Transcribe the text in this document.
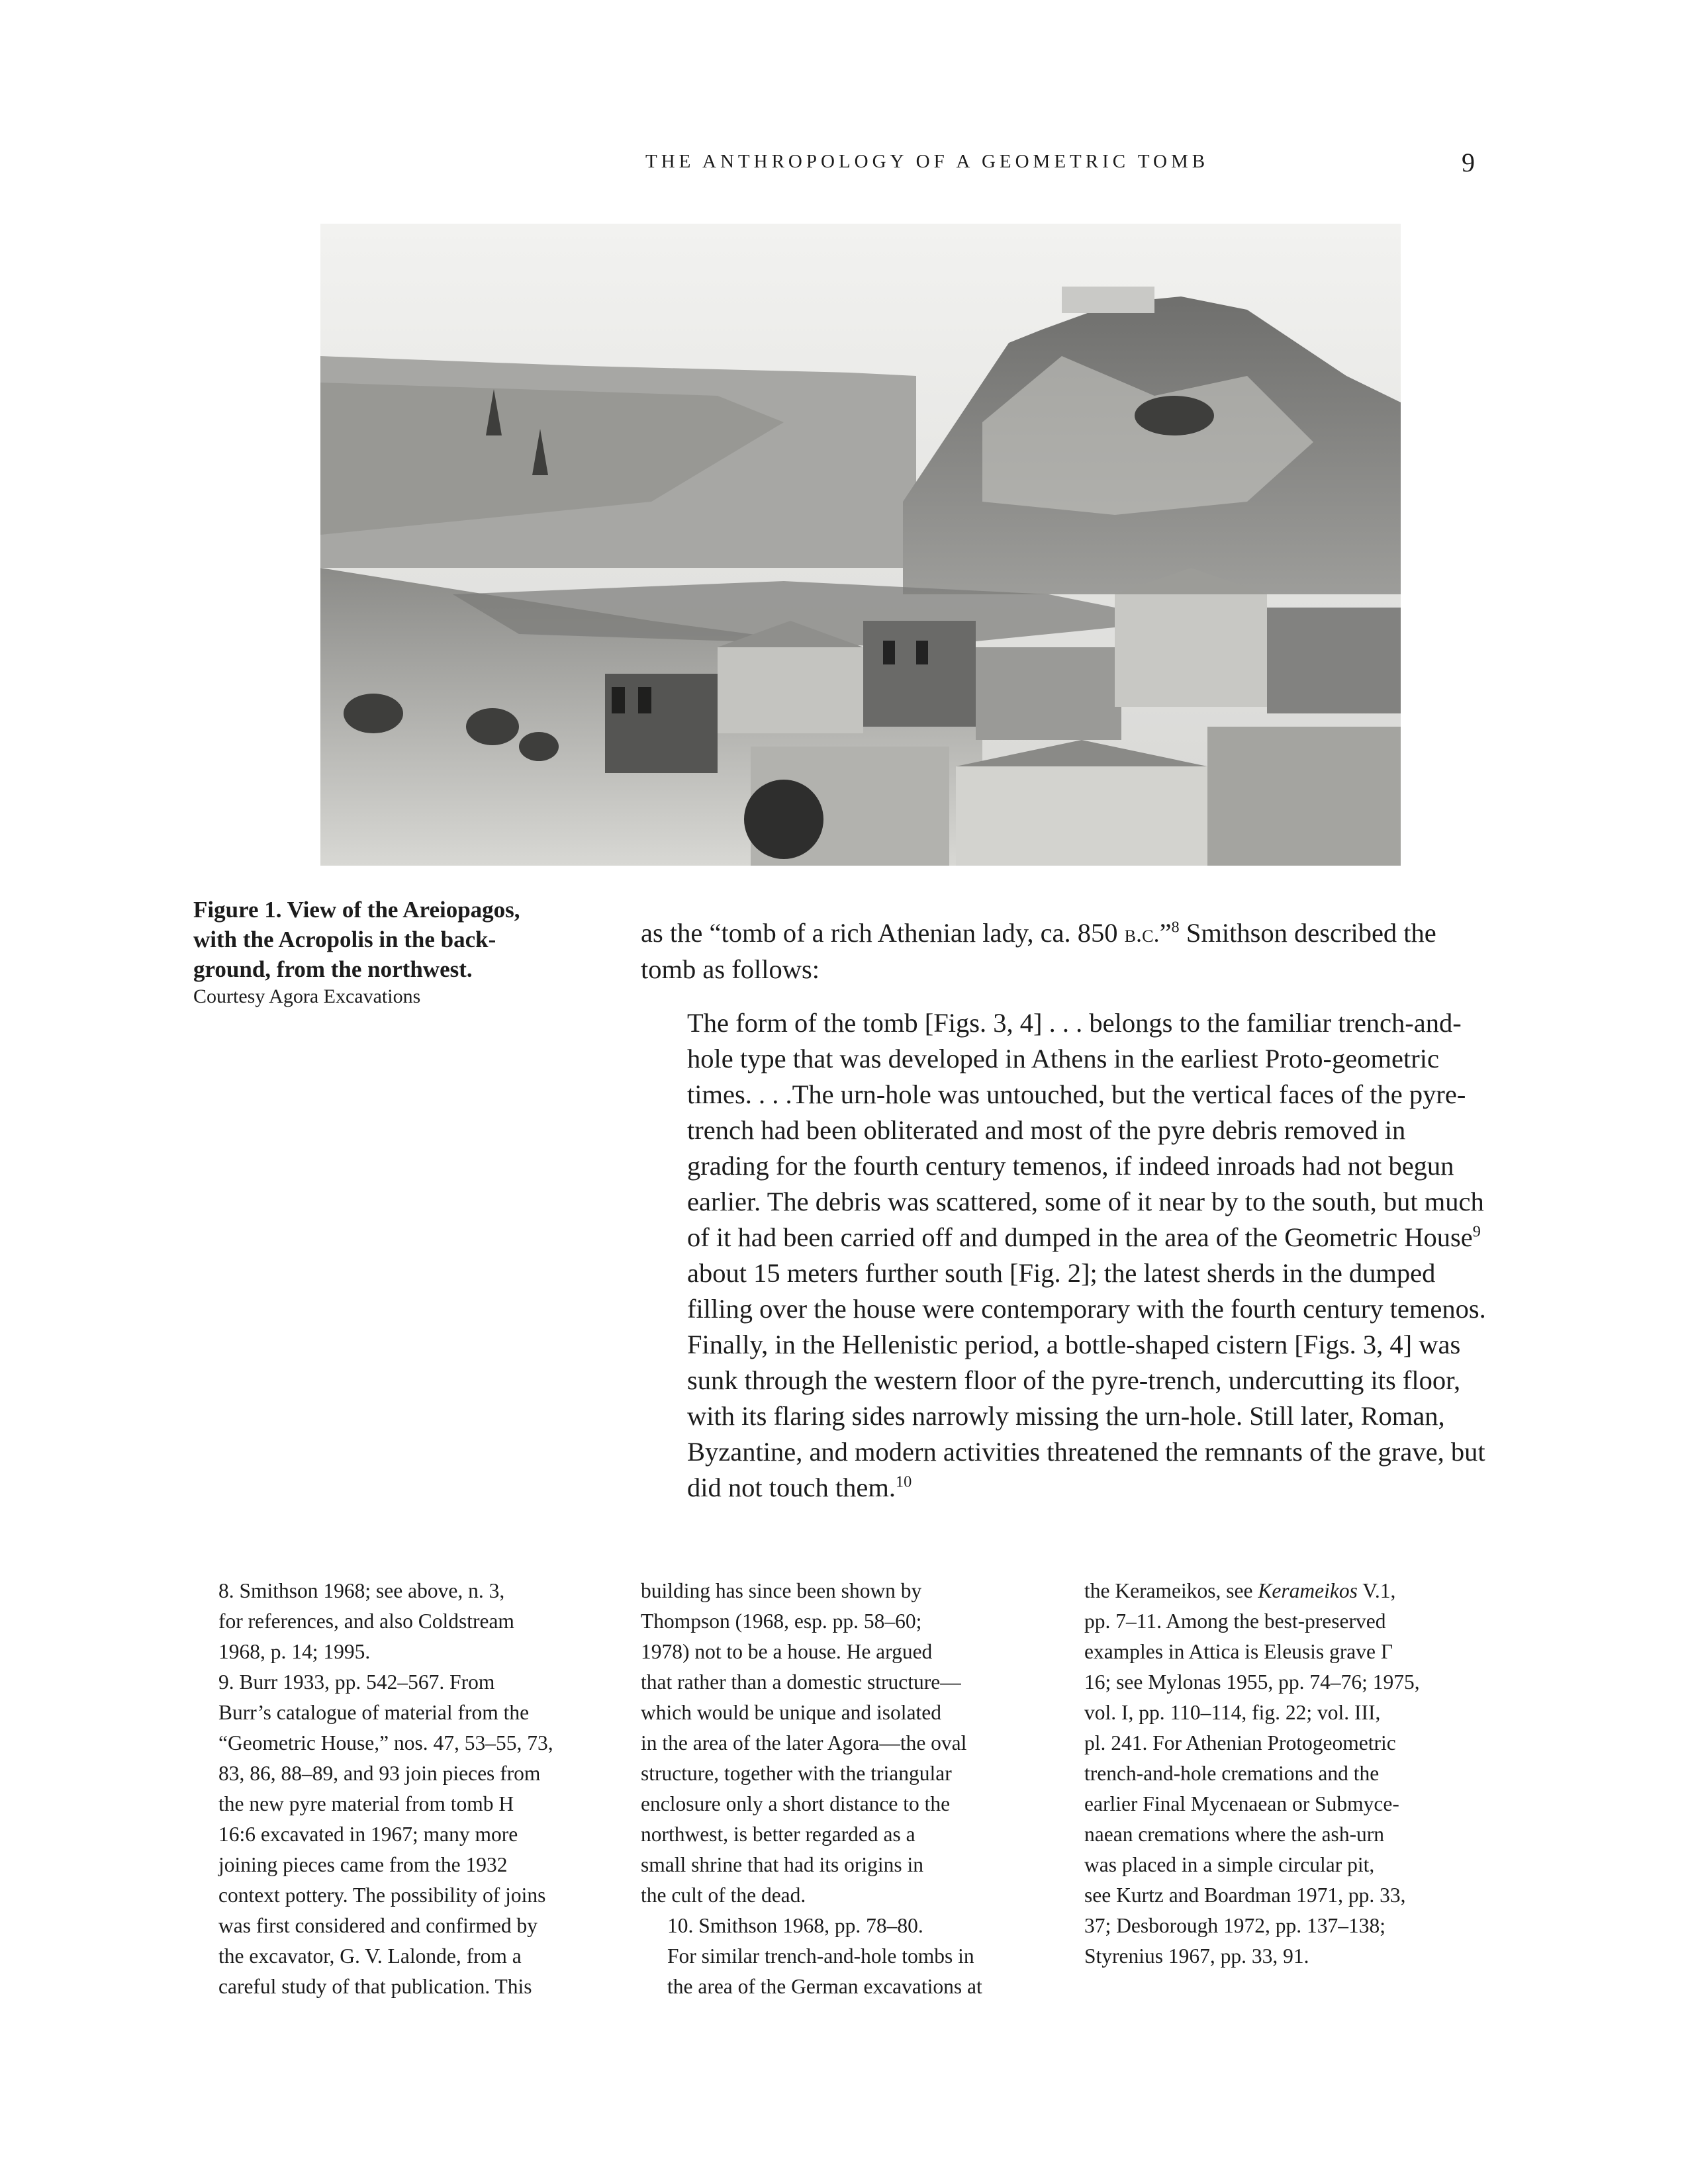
THE ANTHROPOLOGY OF A GEOMETRIC TOMB	9
Figure 1. View of the Areiopagos,
with the Acropolis in the back-
ground, from the northwest.
Courtesy Agora Excavations

as the “tomb of a rich Athenian lady, ca. 850 b.c.”$^8$ Smithson described the tomb as follows:

The form of the tomb [Figs. 3, 4] . . . belongs to the familiar trench-and-hole type that was developed in Athens in the earliest Proto-geometric times. . . .The urn-hole was untouched, but the vertical faces of the pyre-trench had been obliterated and most of the pyre debris removed in grading for the fourth century temenos, if indeed inroads had not begun earlier. The debris was scattered, some of it near by to the south, but much of it had been carried off and dumped in the area of the Geometric House$^9$ about 15 meters further south [Fig. 2]; the latest sherds in the dumped filling over the house were contemporary with the fourth century temenos. Finally, in the Hellenistic period, a bottle-shaped cistern [Figs. 3, 4] was sunk through the western floor of the pyre-trench, undercutting its floor, with its flaring sides narrowly missing the urn-hole. Still later, Roman, Byzantine, and modern activities threatened the remnants of the grave, but did not touch them.$^{10}$

8. Smithson 1968; see above, n. 3,
for references, and also Coldstream
1968, p. 14; 1995.

9. Burr 1933, pp. 542–567. From
Burr’s catalogue of material from the
“Geometric House,” nos. 47, 53–55, 73,
83, 86, 88–89, and 93 join pieces from
the new pyre material from tomb H
16:6 excavated in 1967; many more
joining pieces came from the 1932
context pottery. The possibility of joins
was first considered and confirmed by
the excavator, G. V. Lalonde, from a
careful study of that publication. This

building has since been shown by
Thompson (1968, esp. pp. 58–60;
1978) not to be a house. He argued
that rather than a domestic structure—
which would be unique and isolated
in the area of the later Agora—the oval
structure, together with the triangular
enclosure only a short distance to the
northwest, is better regarded as a
small shrine that had its origins in
the cult of the dead.

10. Smithson 1968, pp. 78–80.
For similar trench-and-hole tombs in
the area of the German excavations at

the Kerameikos, see Kerameikos V.1,
pp. 7–11. Among the best-preserved
examples in Attica is Eleusis grave Γ
16; see Mylonas 1955, pp. 74–76; 1975,
vol. I, pp. 110–114, fig. 22; vol. III,
pl. 241. For Athenian Protogeometric
trench-and-hole cremations and the
earlier Final Mycenaean or Submyce-
naean cremations where the ash-urn
was placed in a simple circular pit,
see Kurtz and Boardman 1971, pp. 33,
37; Desborough 1972, pp. 137–138;
Styrenius 1967, pp. 33, 91.
